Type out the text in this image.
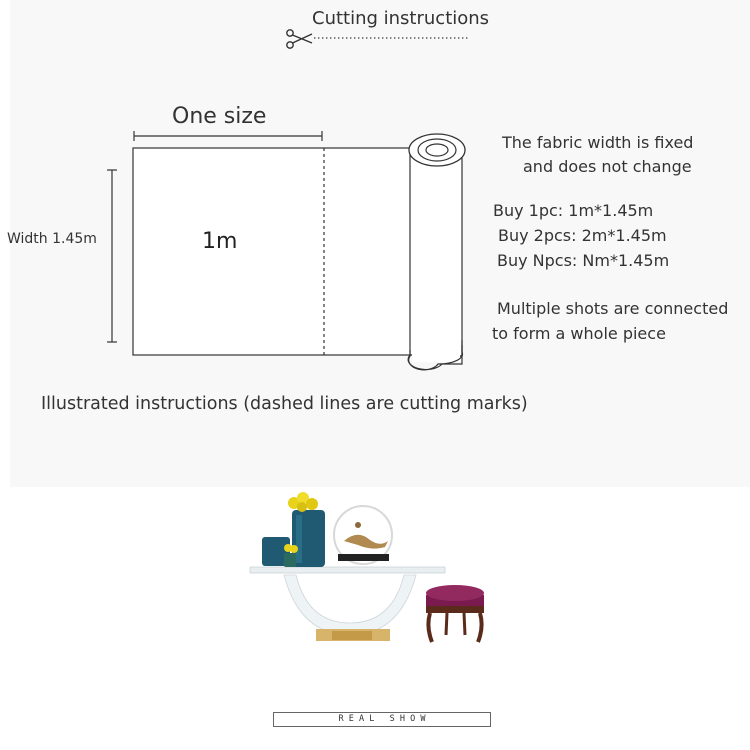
Cutting instructions
One size
Width 1.45m	1m
The fabric width is fixed
and does not change
Buy 1pc: 1m*1.45m
Buy 2pcs: 2m*1.45m
Buy Npcs: Nm*1.45m
Multiple shots are connected
to form a whole piece
Illustrated instructions (dashed lines are cutting marks)
R E A L   S H O W
